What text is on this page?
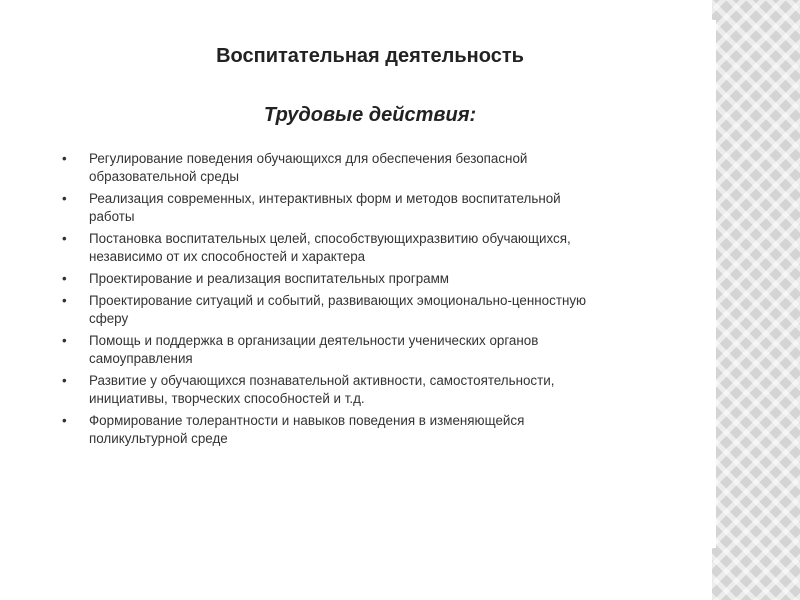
Воспитательная деятельность
Трудовые действия:
• Регулирование поведения обучающихся для обеспечения безопасной
образовательной среды
• Реализация современных, интерактивных форм и методов воспитательной
работы
• Постановка воспитательных целей, способствующихразвитию обучающихся,
независимо от их способностей и характера
• Проектирование и реализация воспитательных программ
• Проектирование ситуаций и событий, развивающих эмоционально-ценностную
сферу
• Помощь и поддержка в организации деятельности ученических органов
самоуправления
• Развитие у обучающихся познавательной активности, самостоятельности,
инициативы, творческих способностей и т.д.
• Формирование толерантности и навыков поведения в изменяющейся
поликультурной среде
